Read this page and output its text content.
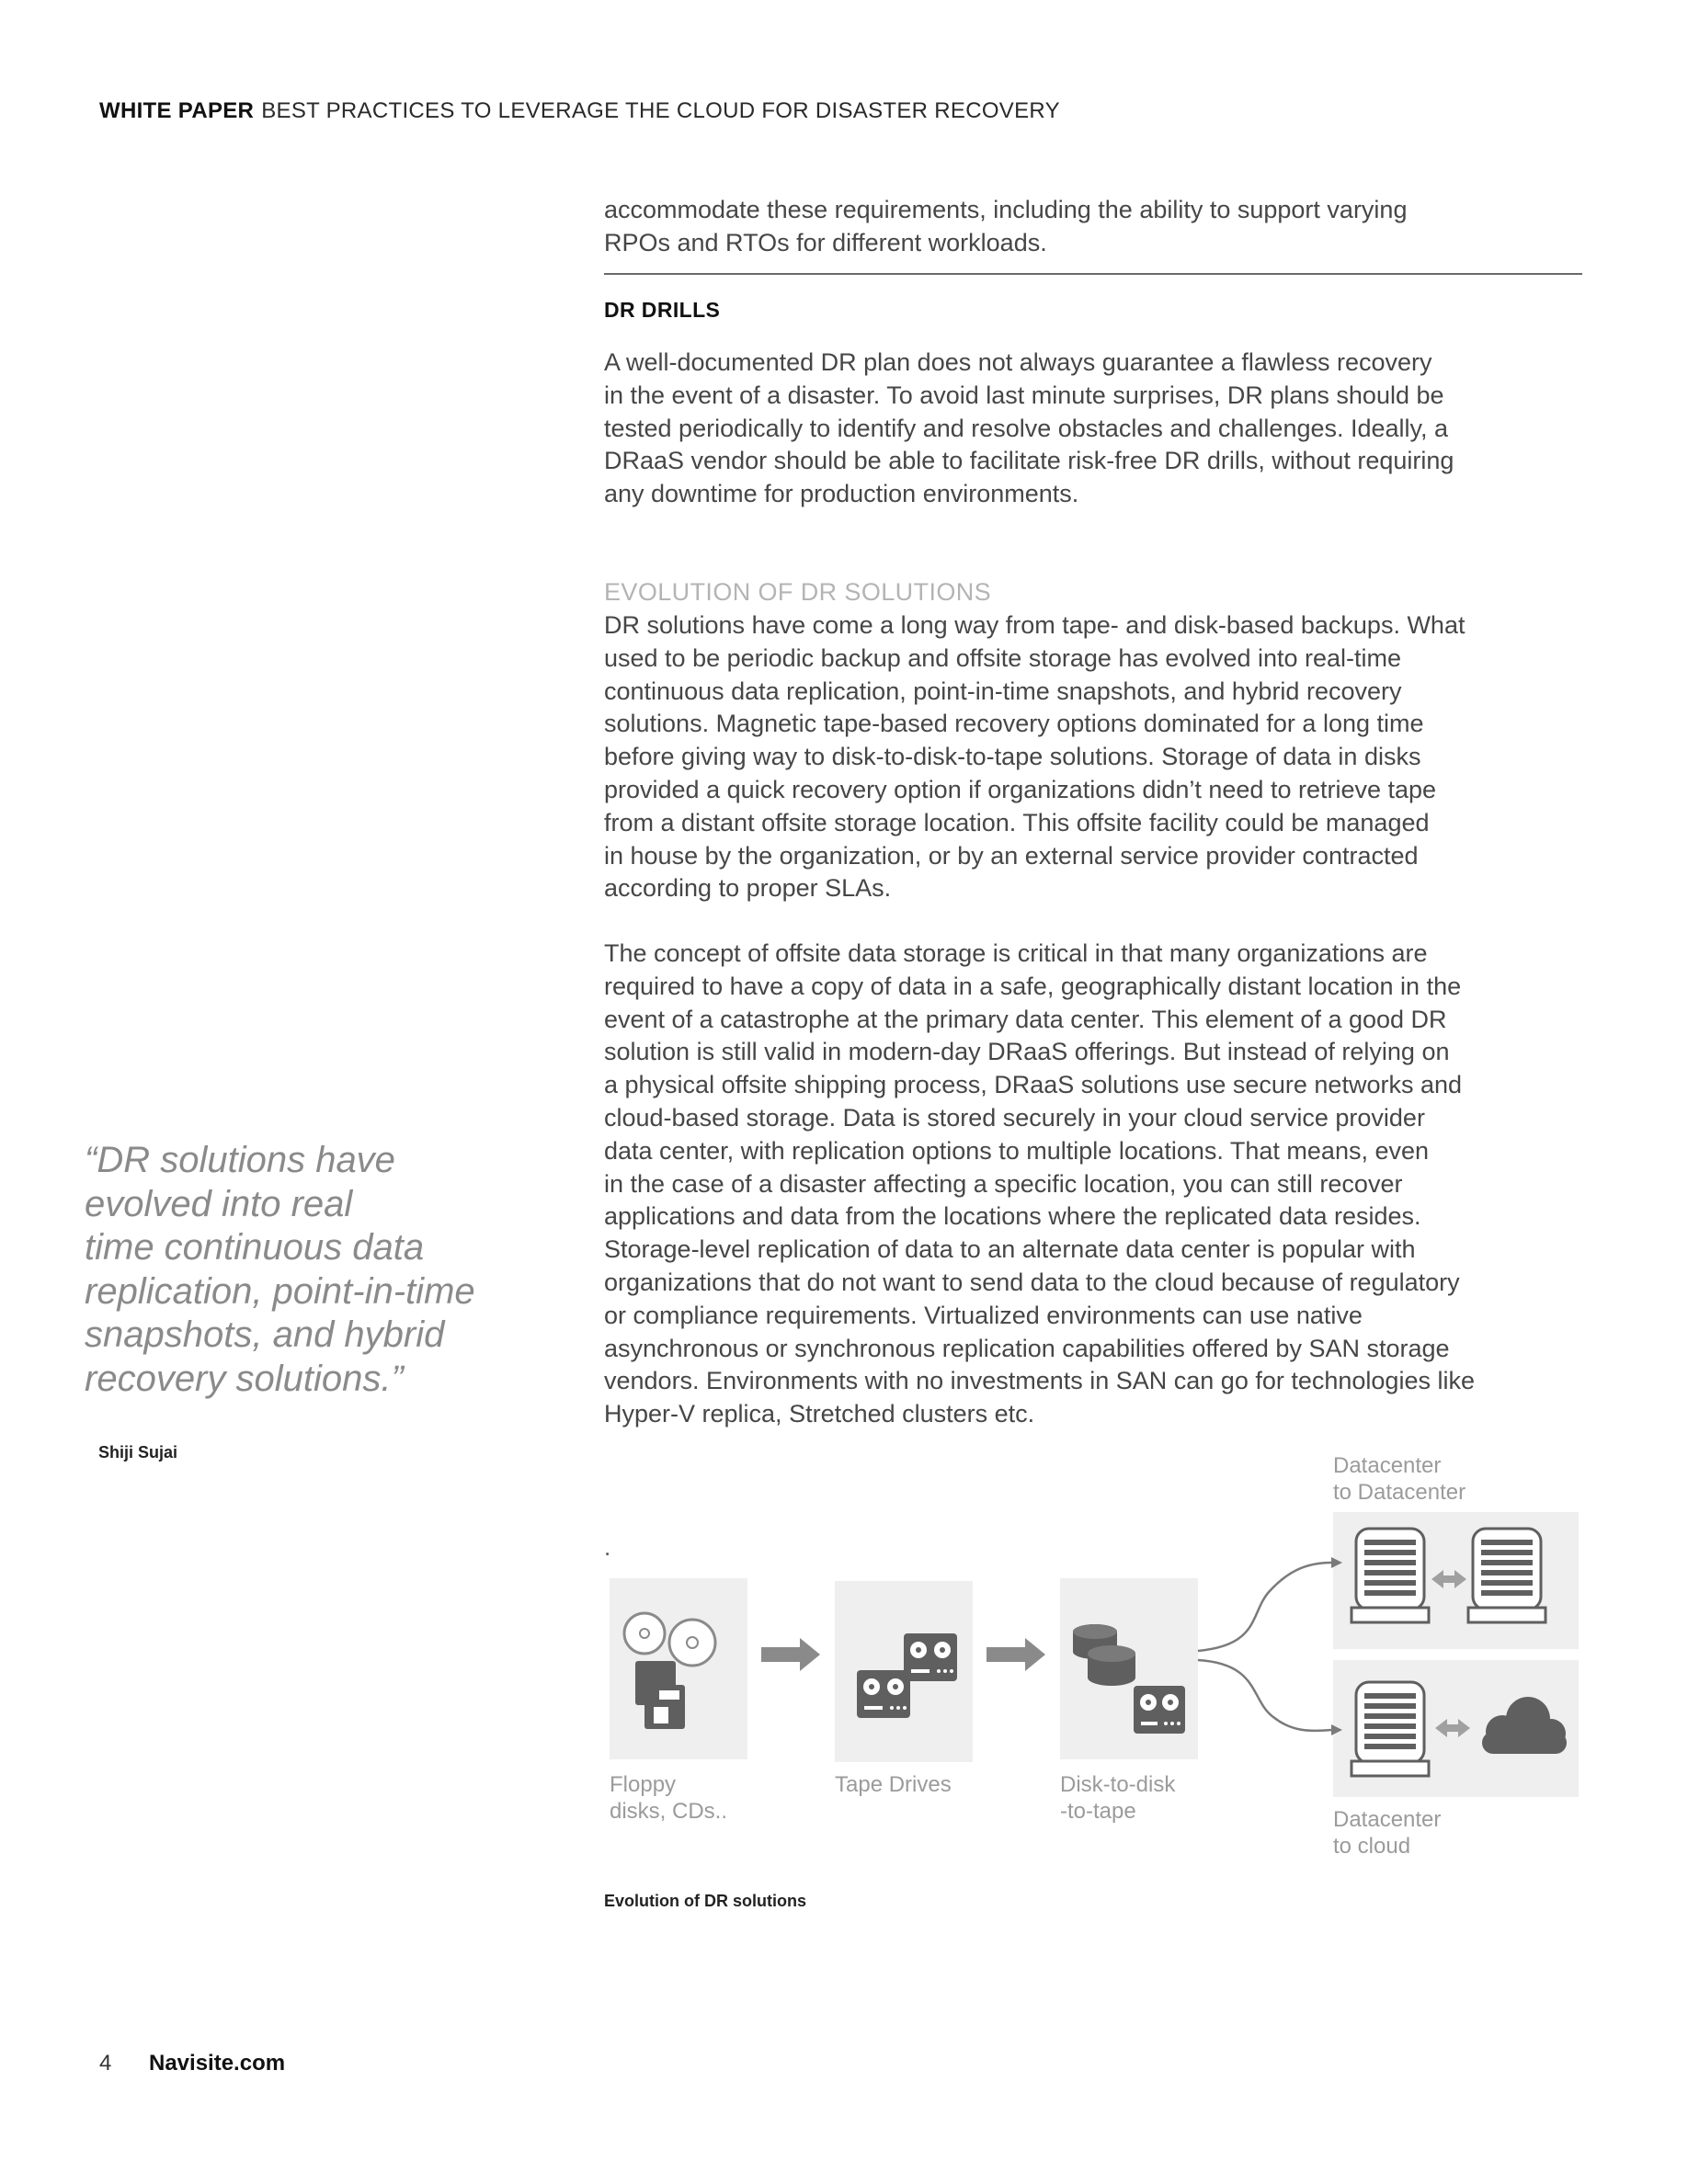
WHITE PAPER BEST PRACTICES TO LEVERAGE THE CLOUD FOR DISASTER RECOVERY

accommodate these requirements, including the ability to support varying
RPOs and RTOs for different workloads.

DR DRILLS

A well-documented DR plan does not always guarantee a flawless recovery
in the event of a disaster. To avoid last minute surprises, DR plans should be
tested periodically to identify and resolve obstacles and challenges. Ideally, a
DRaaS vendor should be able to facilitate risk-free DR drills, without requiring
any downtime for production environments.

EVOLUTION OF DR SOLUTIONS

DR solutions have come a long way from tape- and disk-based backups. What
used to be periodic backup and offsite storage has evolved into real-time
continuous data replication, point-in-time snapshots, and hybrid recovery
solutions. Magnetic tape-based recovery options dominated for a long time
before giving way to disk-to-disk-to-tape solutions. Storage of data in disks
provided a quick recovery option if organizations didn’t need to retrieve tape
from a distant offsite storage location. This offsite facility could be managed
in house by the organization, or by an external service provider contracted
according to proper SLAs.

The concept of offsite data storage is critical in that many organizations are
required to have a copy of data in a safe, geographically distant location in the
event of a catastrophe at the primary data center. This element of a good DR
solution is still valid in modern-day DRaaS offerings. But instead of relying on
a physical offsite shipping process, DRaaS solutions use secure networks and
cloud-based storage. Data is stored securely in your cloud service provider
data center, with replication options to multiple locations. That means, even
in the case of a disaster affecting a specific location, you can still recover
applications and data from the locations where the replicated data resides.
Storage-level replication of data to an alternate data center is popular with
organizations that do not want to send data to the cloud because of regulatory
or compliance requirements. Virtualized environments can use native
asynchronous or synchronous replication capabilities offered by SAN storage
vendors. Environments with no investments in SAN can go for technologies like
Hyper-V replica, Stretched clusters etc.

“DR solutions have
evolved into real
time continuous data
replication, point-in-time
snapshots, and hybrid
recovery solutions.”

Shiji Sujai
.
Floppy
disks, CDs..
Tape Drives	Disk-to-disk
-to-tape
Datacenter
to Datacenter
Datacenter
to cloud
Evolution of DR solutions
4 Navisite.com
